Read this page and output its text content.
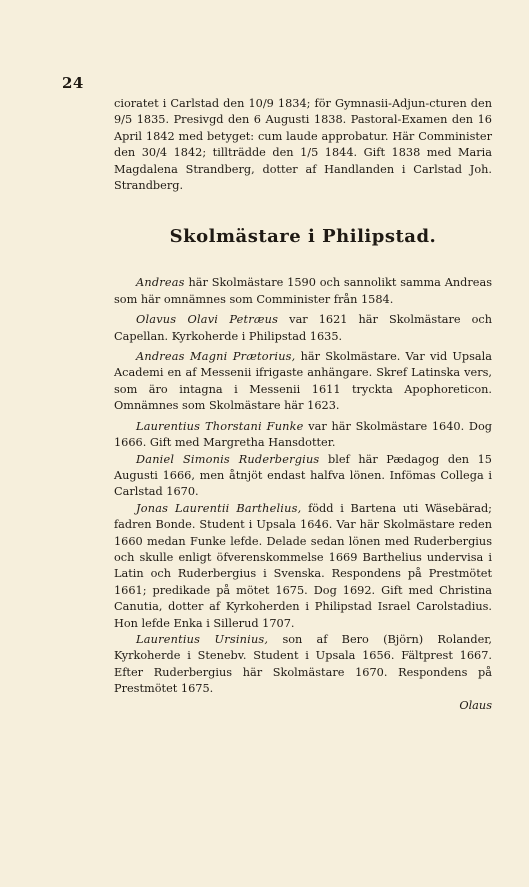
24

cioratet i Carlstad den 10/9 1834; för Gymnasii-Adjun-cturen den 9/5 1835. Presivgd den 6 Augusti 1838. Pastoral-Examen den 16 April 1842 med betyget: cum laude approbatur. Här Comminister den 30/4 1842; tillträdde den 1/5 1844. Gift 1838 med Maria Magdalena Strandberg, dotter af Handlanden i Carlstad Joh. Strandberg.

Skolmästare i Philipstad.

Andreas här Skolmästare 1590 och sannolikt samma Andreas som här omnämnes som Comminister från 1584.

Olavus Olavi Petræus var 1621 här Skolmästare och Capellan. Kyrkoherde i Philipstad 1635.

Andreas Magni Prætorius, här Skolmästare. Var vid Upsala Academi en af Messenii ifrigaste anhängare. Skref Latinska vers, som äro intagna i Messenii 1611 tryckta Apophoreticon. Omnämnes som Skolmästare här 1623.

Laurentius Thorstani Funke var här Skolmästare 1640. Dog 1666. Gift med Margretha Hansdotter.

Daniel Simonis Ruderbergius blef här Pædagog den 15 Augusti 1666, men åtnjöt endast halfva lönen. Infömas Collega i Carlstad 1670.

Jonas Laurentii Barthelius, född i Bartena uti Wäsebärad; fadren Bonde. Student i Upsala 1646. Var här Skolmästare reden 1660 medan Funke lefde. Delade sedan lönen med Ruderbergius och skulle enligt öfverenskommelse 1669 Barthelius undervisa i Latin och Ruderbergius i Svenska. Respondens på Prestmötet 1661; predikade på mötet 1675. Dog 1692. Gift med Christina Canutia, dotter af Kyrkoherden i Philipstad Israel Carolstadius. Hon lefde Enka i Sillerud 1707.

Laurentius Ursinius, son af Bero (Björn) Rolander, Kyrkoherde i Stenebv. Student i Upsala 1656. Fältprest 1667. Efter Ruderbergius här Skolmästare 1670. Respondens på Prestmötet 1675.

Olaus
